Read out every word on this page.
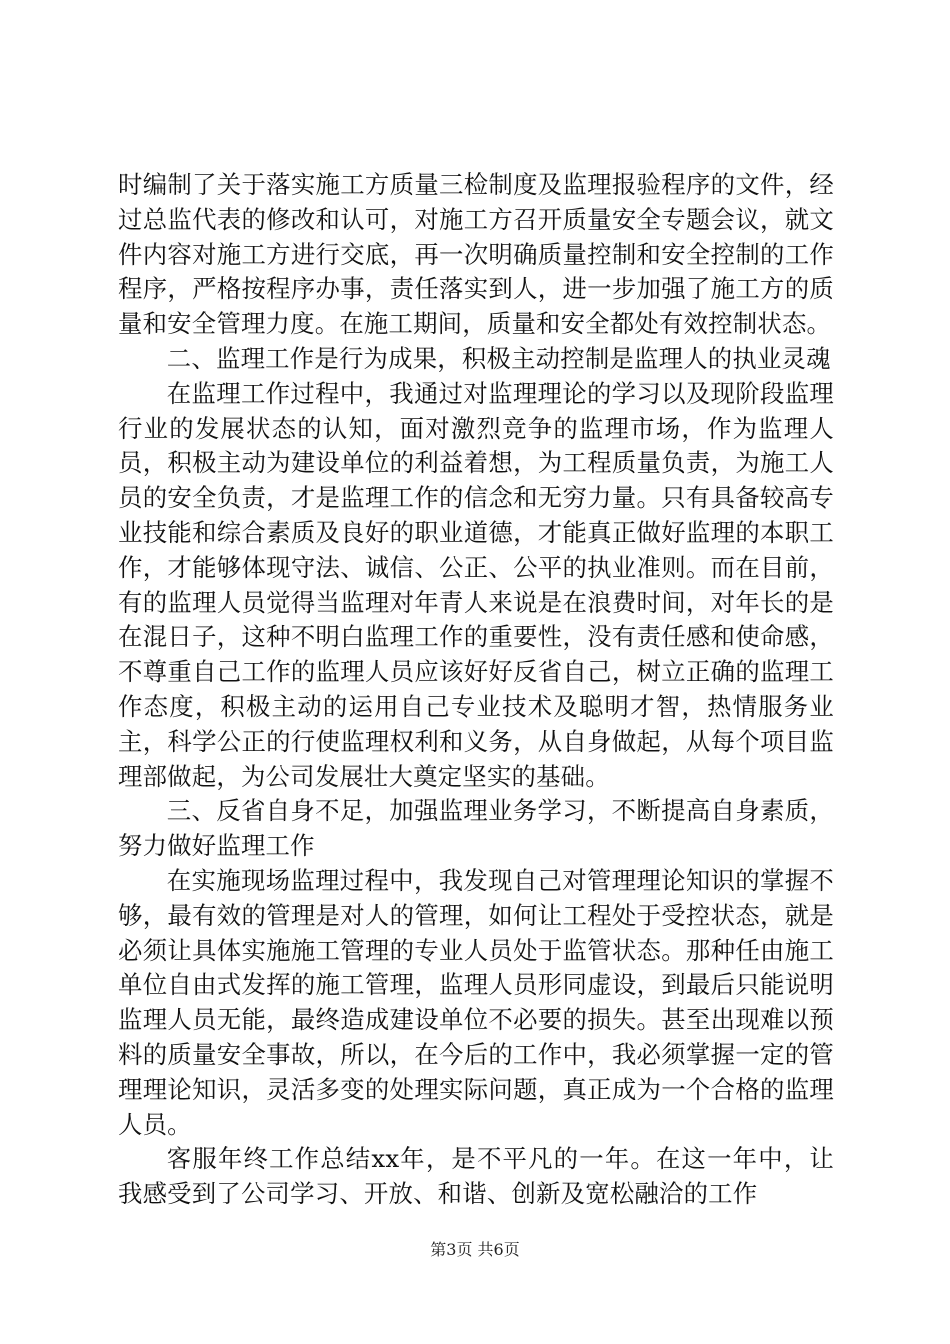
时编制了关于落实施工方质量三检制度及监理报验程序的文件，经过总监代表的修改和认可，对施工方召开质量安全专题会议，就文件内容对施工方进行交底，再一次明确质量控制和安全控制的工作程序，严格按程序办事，责任落实到人，进一步加强了施工方的质量和安全管理力度。在施工期间，质量和安全都处有效控制状态。

二、监理工作是行为成果，积极主动控制是监理人的执业灵魂

在监理工作过程中，我通过对监理理论的学习以及现阶段监理行业的发展状态的认知，面对激烈竞争的监理市场，作为监理人员，积极主动为建设单位的利益着想，为工程质量负责，为施工人员的安全负责，才是监理工作的信念和无穷力量。只有具备较高专业技能和综合素质及良好的职业道德，才能真正做好监理的本职工作，才能够体现守法、诚信、公正、公平的执业准则。而在目前，有的监理人员觉得当监理对年青人来说是在浪费时间，对年长的是在混日子，这种不明白监理工作的重要性，没有责任感和使命感，不尊重自己工作的监理人员应该好好反省自己，树立正确的监理工作态度，积极主动的运用自己专业技术及聪明才智，热情服务业主，科学公正的行使监理权利和义务，从自身做起，从每个项目监理部做起，为公司发展壮大奠定坚实的基础。

三、反省自身不足，加强监理业务学习，不断提高自身素质，努力做好监理工作

在实施现场监理过程中，我发现自己对管理理论知识的掌握不够，最有效的管理是对人的管理，如何让工程处于受控状态，就是必须让具体实施施工管理的专业人员处于监管状态。那种任由施工单位自由式发挥的施工管理，监理人员形同虚设，到最后只能说明监理人员无能，最终造成建设单位不必要的损失。甚至出现难以预料的质量安全事故，所以，在今后的工作中，我必须掌握一定的管理理论知识，灵活多变的处理实际问题，真正成为一个合格的监理人员。

客服年终工作总结xx年，是不平凡的一年。在这一年中，让我感受到了公司学习、开放、和谐、创新及宽松融洽的工作

第3页 共6页
